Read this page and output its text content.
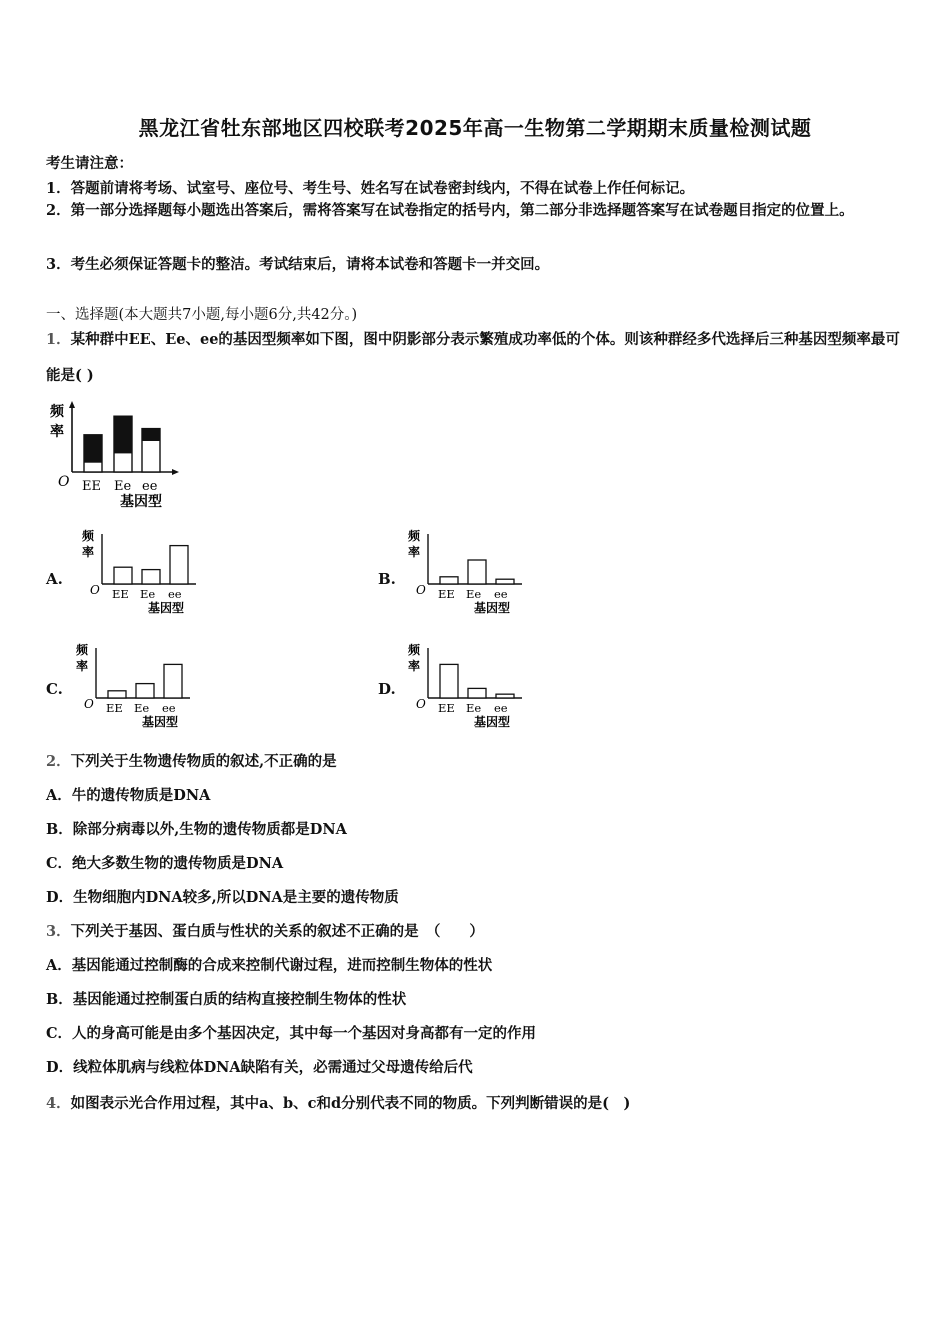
黑龙江省牡东部地区四校联考2025年高一生物第二学期期末质量检测试题
考生请注意：
1．答题前请将考场、试室号、座位号、考生号、姓名写在试卷密封线内，不得在试卷上作任何标记。
2．第一部分选择题每小题选出答案后，需将答案写在试卷指定的括号内，第二部分非选择题答案写在试卷题目指定的位置上。
3．考生必须保证答题卡的整洁。考试结束后，请将本试卷和答题卡一并交回。
一、选择题(本大题共7小题,每小题6分,共42分。)
1．某种群中EE、Ee、ee的基因型频率如下图，图中阴影部分表示繁殖成功率低的个体。则该种群经多代选择后三种基因型频率最可能是( )
频
率
O EE Ee ee
基因型
A.
频
率
O EE Ee ee
基因型
B.
频
率
O EE Ee ee
基因型
C.
频
率
O EE Ee ee
基因型
D.
频
率
O EE Ee ee
基因型
2．下列关于生物遗传物质的叙述,不正确的是
A．牛的遗传物质是DNA
B．除部分病毒以外,生物的遗传物质都是DNA
C．绝大多数生物的遗传物质是DNA
D．生物细胞内DNA较多,所以DNA是主要的遗传物质
3．下列关于基因、蛋白质与性状的关系的叙述不正确的是　（　　）
A．基因能通过控制酶的合成来控制代谢过程，进而控制生物体的性状
B．基因能通过控制蛋白质的结构直接控制生物体的性状
C．人的身高可能是由多个基因决定，其中每一个基因对身高都有一定的作用
D．线粒体肌病与线粒体DNA缺陷有关，必需通过父母遗传给后代
4．如图表示光合作用过程，其中a、b、c和d分别代表不同的物质。下列判断错误的是(　)
